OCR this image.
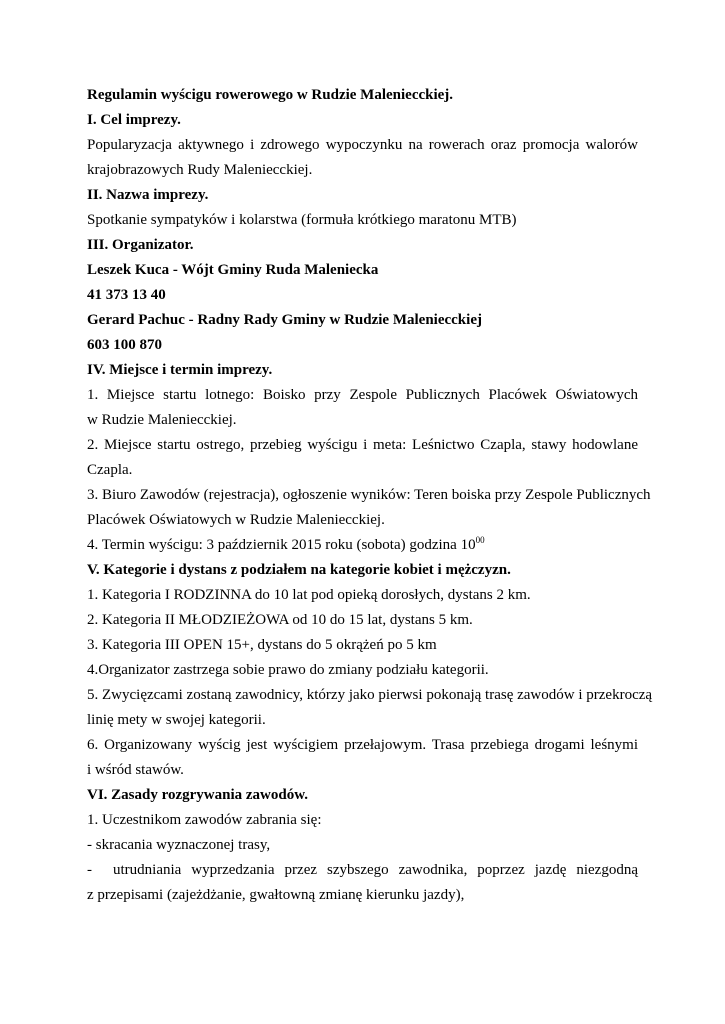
Regulamin wyścigu rowerowego w Rudzie Maleniecckiej.
I. Cel imprezy.
Popularyzacja aktywnego i zdrowego wypoczynku na rowerach oraz promocja walorów
krajobrazowych Rudy Maleniecckiej.
II. Nazwa imprezy.
Spotkanie sympatyków i kolarstwa (formuła krótkiego maratonu MTB)
III. Organizator.
Leszek Kuca - Wójt Gminy Ruda Maleniecka
41 373 13 40
Gerard Pachuc - Radny Rady Gminy w Rudzie Maleniecckiej
603 100 870
IV. Miejsce i termin imprezy.
1. Miejsce startu lotnego: Boisko przy Zespole Publicznych Placówek Oświatowych
w Rudzie Maleniecckiej.
2. Miejsce startu ostrego, przebieg wyścigu i meta: Leśnictwo Czapla, stawy hodowlane
Czapla.
3. Biuro Zawodów (rejestracja), ogłoszenie wyników: Teren boiska przy Zespole Publicznych
Placówek Oświatowych w Rudzie Maleniecckiej.
4. Termin wyścigu: 3 październik 2015 roku (sobota) godzina $10^{00}$
V. Kategorie i dystans z podziałem na kategorie kobiet i mężczyzn.
1. Kategoria I RODZINNA do 10 lat pod opieką dorosłych, dystans 2 km.
2. Kategoria II MŁODZIEŻOWA od 10 do 15 lat, dystans 5 km.
3. Kategoria III OPEN 15+, dystans do 5 okrążeń po 5 km
4.Organizator zastrzega sobie prawo do zmiany podziału kategorii.
5. Zwycięzcami zostaną zawodnicy, którzy jako pierwsi pokonają trasę zawodów i przekroczą
linię mety w swojej kategorii.
6. Organizowany wyścig jest wyścigiem przełajowym. Trasa przebiega drogami leśnymi
i wśród stawów.
VI. Zasady rozgrywania zawodów.
1. Uczestnikom zawodów zabrania się:
- skracania wyznaczonej trasy,
-	utrudniania wyprzedzania przez szybszego zawodnika, poprzez jazdę niezgodną
z przepisami (zajeżdżanie, gwałtowną zmianę kierunku jazdy),
